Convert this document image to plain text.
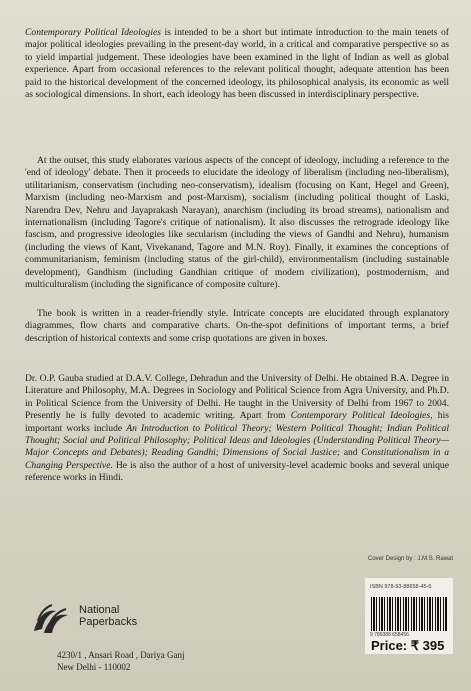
Contemporary Political Ideologies is intended to be a short but intimate introduction to the main tenets of major political ideologies prevailing in the present-day world, in a critical and comparative perspective so as to yield impartial judgement. These ideologies have been examined in the light of Indian as well as global experience. Apart from occasional references to the relevant political thought, adequate attention has been paid to the historical development of the concerned ideology, its philosophical analysis, its economic as well as sociological dimensions. In short, each ideology has been discussed in interdisciplinary perspective.

At the outset, this study elaborates various aspects of the concept of ideology, including a reference to the 'end of ideology' debate. Then it proceeds to elucidate the ideology of liberalism (including neo-liberalism), utilitarianism, conservatism (including neo-conservatism), idealism (focusing on Kant, Hegel and Green), Marxism (including neo-Marxism and post-Marxism), socialism (including political thought of Laski, Narendra Dev, Nehru and Jayaprakash Narayan), anarchism (including its broad streams), nationalism and internationalism (including Tagore's critique of nationalism). It also discusses the retrograde ideology like fascism, and progressive ideologies like secularism (including the views of Gandhi and Nehru), humanism (including the views of Kant, Vivekanand, Tagore and M.N. Roy). Finally, it examines the conceptions of communitarianism, feminism (including status of the girl-child), environmentalism (including sustainable development), Gandhism (including Gandhian critique of modern civilization), postmodernism, and multiculturalism (including the significance of composite culture).

The book is written in a reader-friendly style. Intricate concepts are elucidated through explanatory diagrammes, flow charts and comparative charts. On-the-spot definitions of important terms, a brief description of historical contexts and some crisp quotations are given in boxes.

Dr. O.P. Gauba studied at D.A.V. College, Dehradun and the University of Delhi. He obtained B.A. Degree in Literature and Philosophy, M.A. Degrees in Sociology and Political Science from Agra University, and Ph.D. in Political Science from the University of Delhi. He taught in the University of Delhi from 1967 to 2004. Presently he is fully devoted to academic writing. Apart from Contemporary Political Ideologies, his important works include An Introduction to Political Theory; Western Political Thought; Indian Political Thought; Social and Political Philosophy; Political Ideas and Ideologies (Understanding Political Theory—Major Concepts and Debates); Reading Gandhi; Dimensions of Social Justice; and Constitutionalism in a Changing Perspective. He is also the author of a host of university-level academic books and several unique reference works in Hindi.

Cover Design by : J.M.S. Rawat
ISBN 978-93-88658-45-6
9 789388 658456
Price: ₹ 395
National
Paperbacks
4230/1 , Ansari Road , Dariya Ganj
New Delhi - 110002
